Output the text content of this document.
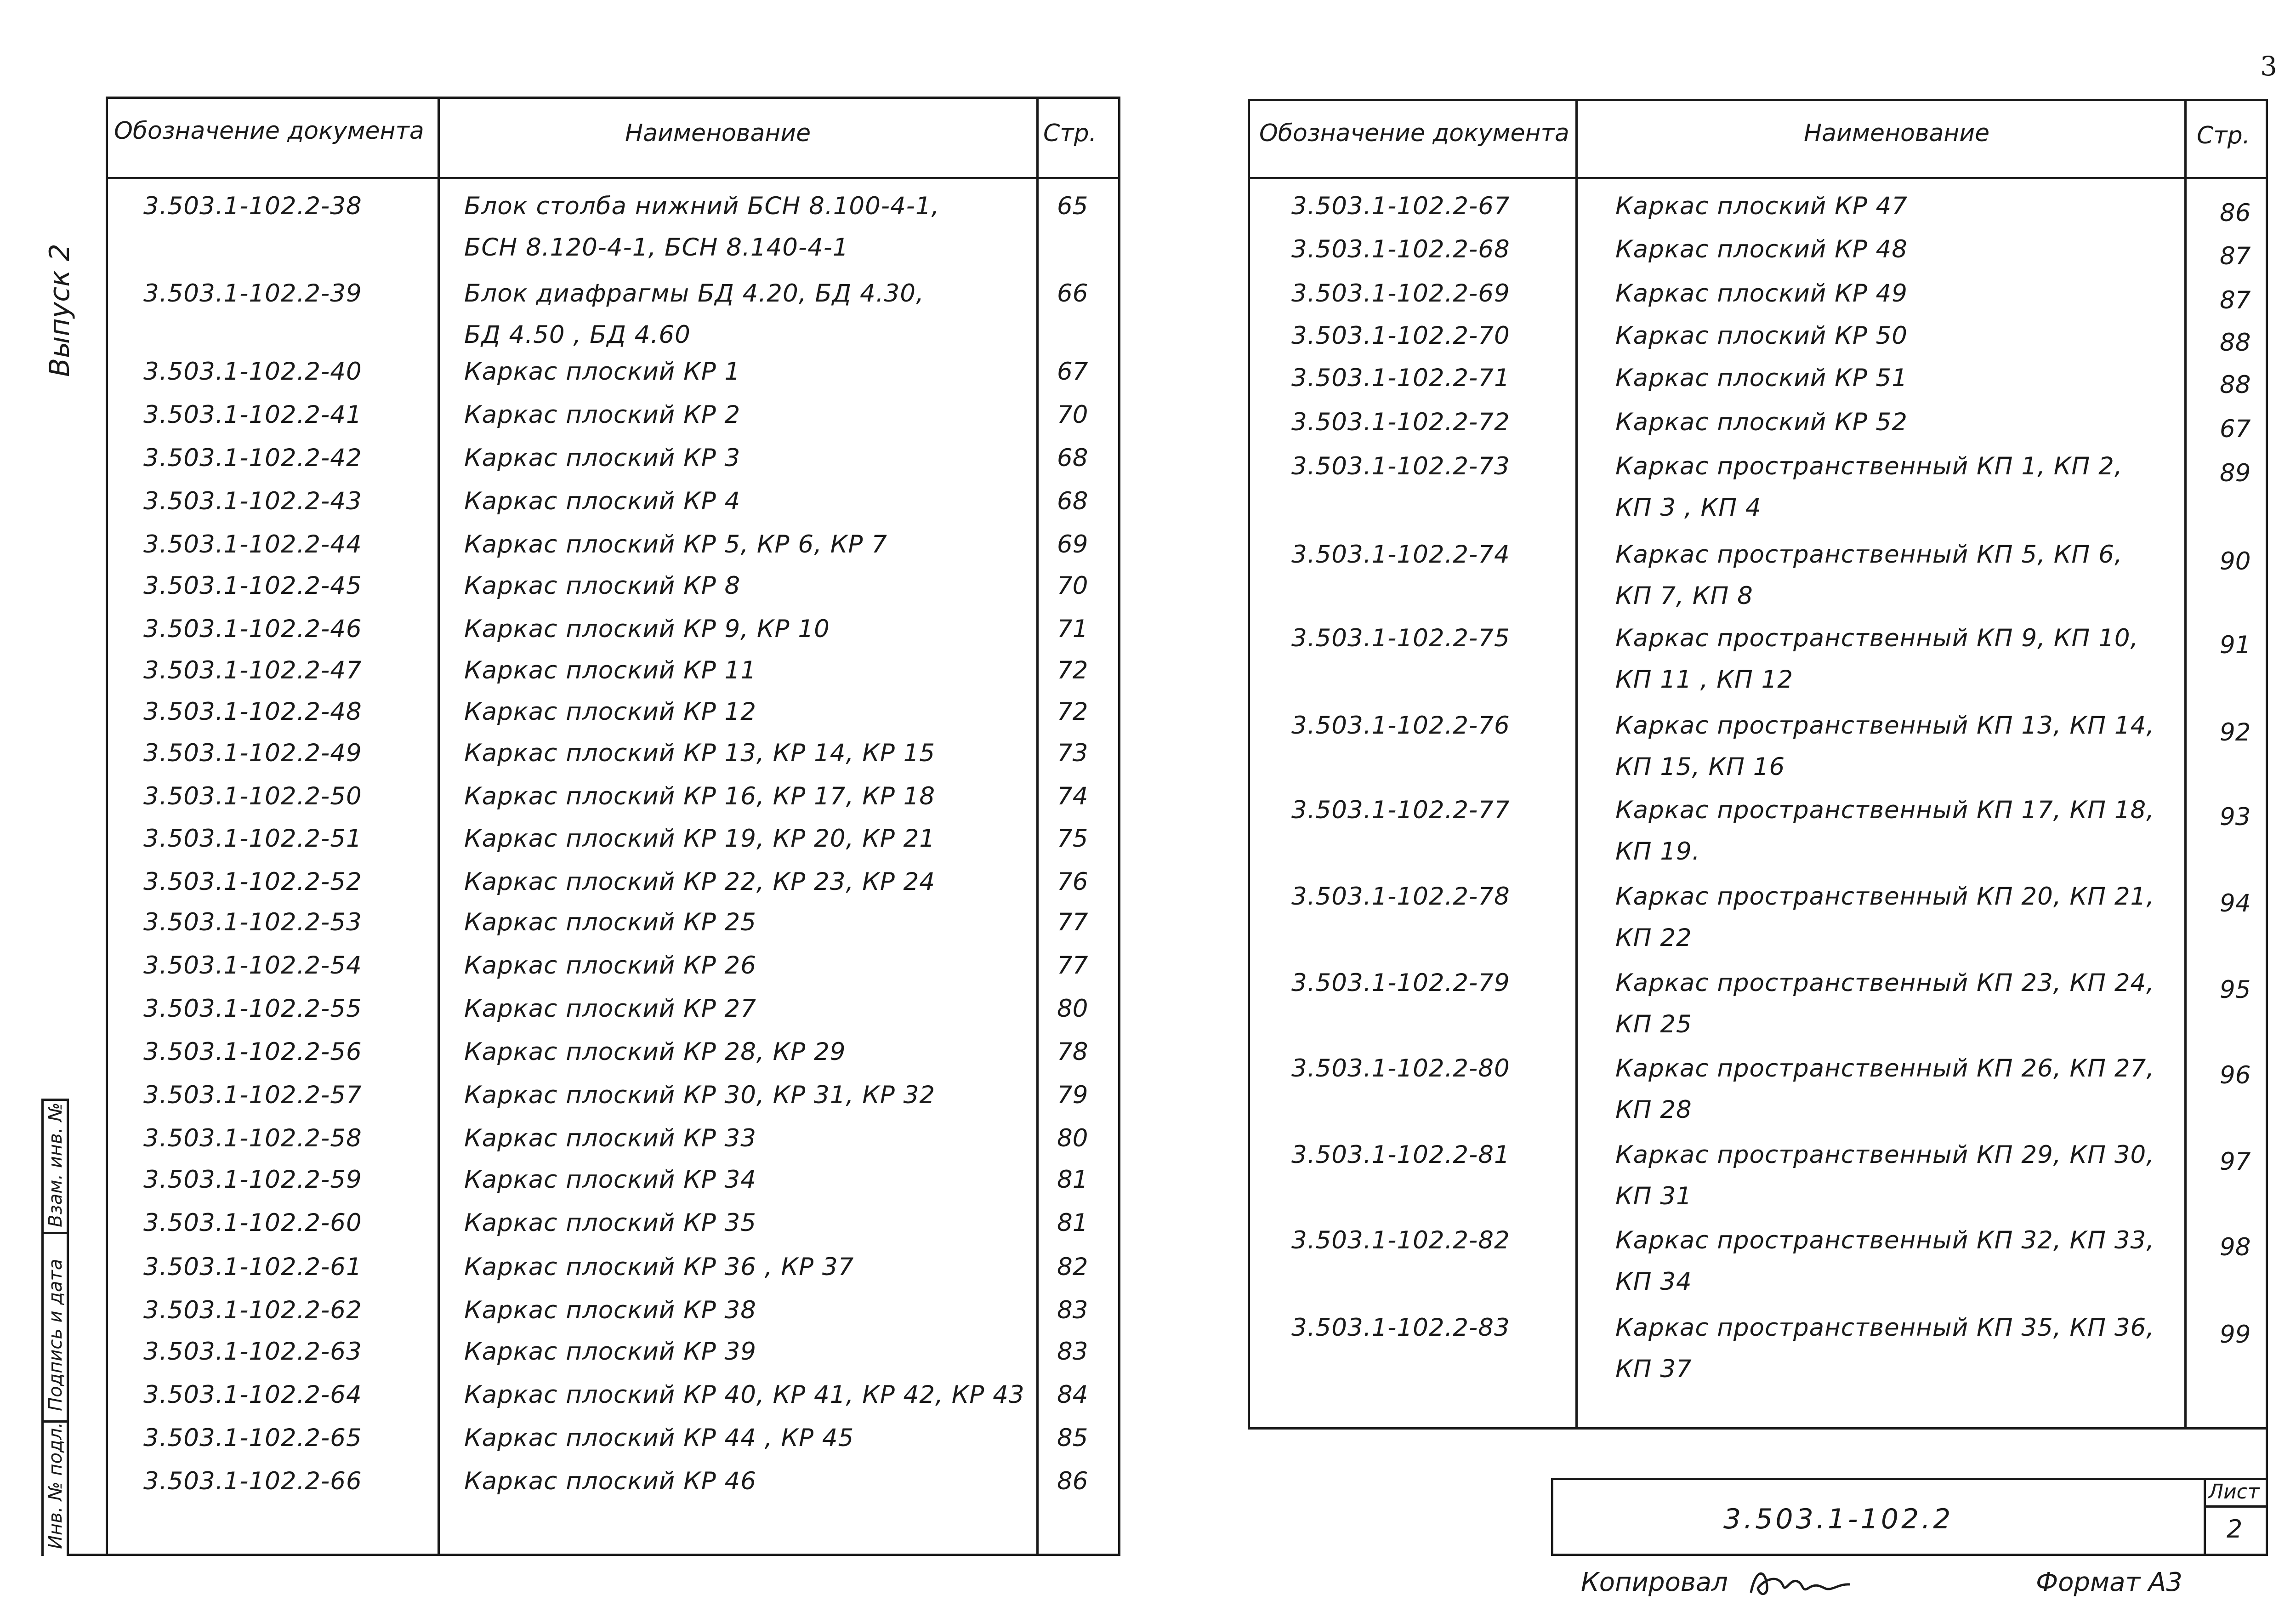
3
Выпуск 2
Взам. инв. №
Подпись и дата
Инв. № подл.
Обозначение документа	Наименование	Стр.
3.503.1-102.2-38	Блок столба нижний БСН 8.100-4-1,
БСН 8.120-4-1, БСН 8.140-4-1
65
3.503.1-102.2-39	Блок диафрагмы БД 4.20, БД 4.30,
БД 4.50 , БД 4.60
66
3.503.1-102.2-40	Каркас плоский КР 1	67
3.503.1-102.2-41	Каркас плоский КР 2	70
3.503.1-102.2-42	Каркас плоский КР 3	68
3.503.1-102.2-43	Каркас плоский КР 4	68
3.503.1-102.2-44	Каркас плоский КР 5, КР 6, КР 7	69
3.503.1-102.2-45	Каркас плоский КР 8	70
3.503.1-102.2-46	Каркас плоский КР 9, КР 10	71
3.503.1-102.2-47	Каркас плоский КР 11	72
3.503.1-102.2-48	Каркас плоский КР 12	72
3.503.1-102.2-49	Каркас плоский КР 13, КР 14, КР 15	73
3.503.1-102.2-50	Каркас плоский КР 16, КР 17, КР 18	74
3.503.1-102.2-51	Каркас плоский КР 19, КР 20, КР 21	75
3.503.1-102.2-52	Каркас плоский КР 22, КР 23, КР 24	76
3.503.1-102.2-53	Каркас плоский КР 25	77
3.503.1-102.2-54	Каркас плоский КР 26	77
3.503.1-102.2-55	Каркас плоский КР 27	80
3.503.1-102.2-56	Каркас плоский КР 28, КР 29	78
3.503.1-102.2-57	Каркас плоский КР 30, КР 31, КР 32	79
3.503.1-102.2-58	Каркас плоский КР 33	80
3.503.1-102.2-59	Каркас плоский КР 34	81
3.503.1-102.2-60	Каркас плоский КР 35	81
3.503.1-102.2-61	Каркас плоский КР 36 , КР 37	82
3.503.1-102.2-62	Каркас плоский КР 38	83
3.503.1-102.2-63	Каркас плоский КР 39	83
3.503.1-102.2-64	Каркас плоский КР 40, КР 41, КР 42, КР 43 84
3.503.1-102.2-65	Каркас плоский КР 44 , КР 45	85
3.503.1-102.2-66	Каркас плоский КР 46	86
Обозначение документа	Наименование	Стр.
3.503.1-102.2-67	Каркас плоский КР 47	86
3.503.1-102.2-68	Каркас плоский КР 48	87
3.503.1-102.2-69	Каркас плоский КР 49	87
3.503.1-102.2-70	Каркас плоский КР 50	88
3.503.1-102.2-71	Каркас плоский КР 51	88
3.503.1-102.2-72	Каркас плоский КР 52	67
3.503.1-102.2-73	Каркас пространственный КП 1, КП 2,
КП 3 , КП 4
89
3.503.1-102.2-74	Каркас пространственный КП 5, КП 6,
КП 7, КП 8
90
3.503.1-102.2-75	Каркас пространственный КП 9, КП 10,
КП 11 , КП 12
91
3.503.1-102.2-76	Каркас пространственный КП 13, КП 14,
КП 15, КП 16
92
3.503.1-102.2-77	Каркас пространственный КП 17, КП 18,
КП 19.
93
3.503.1-102.2-78	Каркас пространственный КП 20, КП 21,
КП 22
94
3.503.1-102.2-79	Каркас пространственный КП 23, КП 24,
КП 25
95
3.503.1-102.2-80	Каркас пространственный КП 26, КП 27,
КП 28
96
3.503.1-102.2-81	Каркас пространственный КП 29, КП 30,
КП 31
97
3.503.1-102.2-82	Каркас пространственный КП 32, КП 33,
КП 34
98
3.503.1-102.2-83	Каркас пространственный КП 35, КП 36,
КП 37
99
3.503.1-102.2
Лист
2
Копировал	Формат А3
